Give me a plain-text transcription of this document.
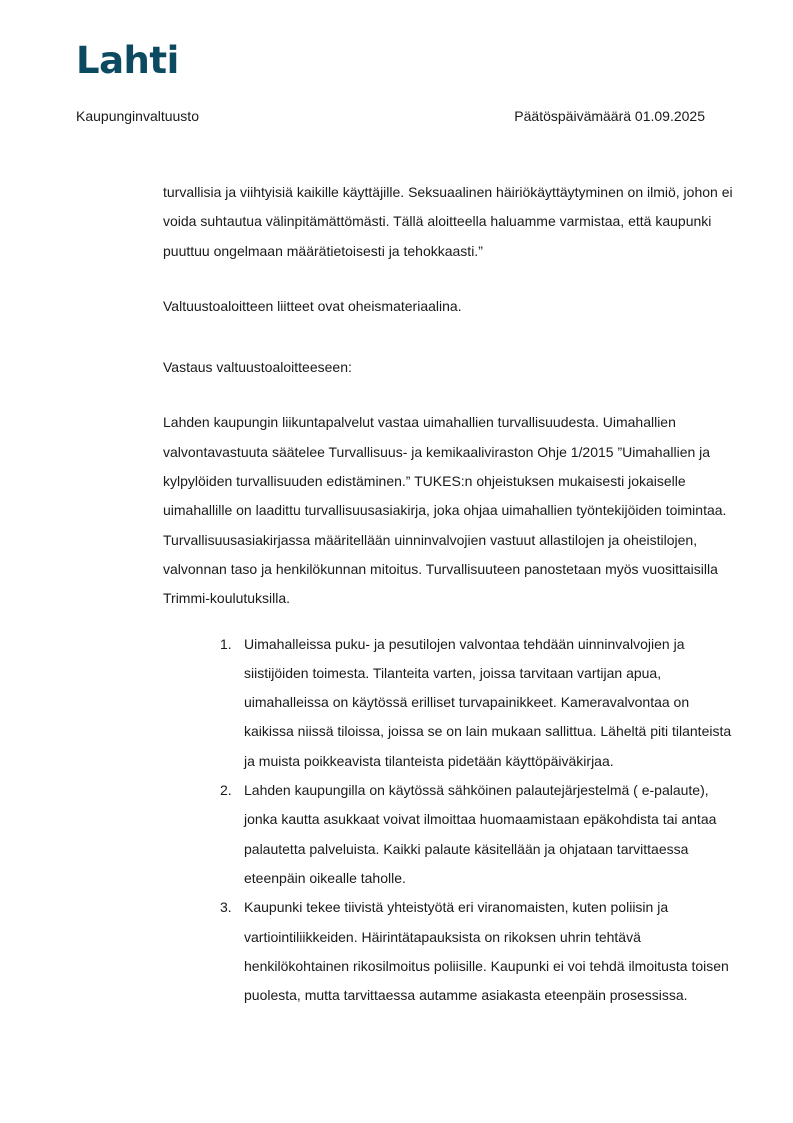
Lahti
Kaupunginvaltuusto	Päätöspäivämäärä 01.09.2025

turvallisia ja viihtyisiä kaikille käyttäjille. Seksuaalinen häiriökäyttäytyminen on ilmiö, johon ei voida suhtautua välinpitämättömästi. Tällä aloitteella haluamme varmistaa, että kaupunki puuttuu ongelmaan määrätietoisesti ja tehokkaasti.”

Valtuustoaloitteen liitteet ovat oheismateriaalina.

Vastaus valtuustoaloitteeseen:

Lahden kaupungin liikuntapalvelut vastaa uimahallien turvallisuudesta. Uimahallien valvontavastuuta säätelee Turvallisuus- ja kemikaaliviraston Ohje 1/2015 ”Uimahallien ja kylpylöiden turvallisuuden edistäminen.” TUKES:n ohjeistuksen mukaisesti jokaiselle uimahallille on laadittu turvallisuusasiakirja, joka ohjaa uimahallien työntekijöiden toimintaa. Turvallisuusasiakirjassa määritellään uinninvalvojien vastuut allastilojen ja oheistilojen, valvonnan taso ja henkilökunnan mitoitus. Turvallisuuteen panostetaan myös vuosittaisilla Trimmi-koulutuksilla.

1. Uimahalleissa puku- ja pesutilojen valvontaa tehdään uinninvalvojien ja siistijöiden toimesta. Tilanteita varten, joissa tarvitaan vartijan apua, uimahalleissa on käytössä erilliset turvapainikkeet. Kameravalvontaa on kaikissa niissä tiloissa, joissa se on lain mukaan sallittua. Läheltä piti tilanteista ja muista poikkeavista tilanteista pidetään käyttöpäiväkirjaa.
2. Lahden kaupungilla on käytössä sähköinen palautejärjestelmä ( e-palaute), jonka kautta asukkaat voivat ilmoittaa huomaamistaan epäkohdista tai antaa palautetta palveluista. Kaikki palaute käsitellään ja ohjataan tarvittaessa eteenpäin oikealle taholle.
3. Kaupunki tekee tiivistä yhteistyötä eri viranomaisten, kuten poliisin ja vartiointiliikkeiden. Häirintätapauksista on rikoksen uhrin tehtävä henkilökohtainen rikosilmoitus poliisille. Kaupunki ei voi tehdä ilmoitusta toisen puolesta, mutta tarvittaessa autamme asiakasta eteenpäin prosessissa.
